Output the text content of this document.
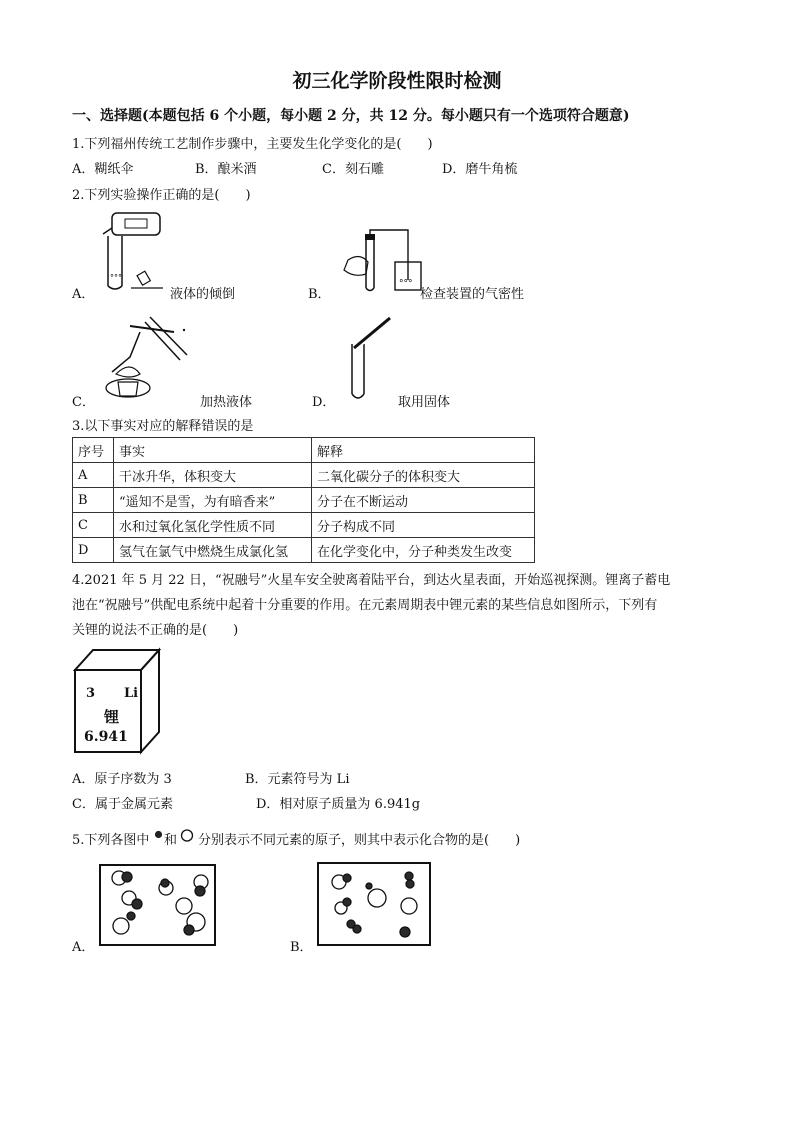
初三化学阶段性限时检测
一、选择题(本题包括 6 个小题，每小题 2 分，共 12 分。每小题只有一个选项符合题意)
1.下列福州传统工艺制作步骤中，主要发生化学变化的是(　　)
A．糊纸伞	B．酿米酒	C．刻石雕	D．磨牛角梳
2.下列实验操作正确的是(　　)
°°°
A．	液体的倾倒
°°°
B．	检查装置的气密性
C．	加热液体	D．	取用固体
3.以下事实对应的解释错误的是
序号	事实	解释
A	干冰升华，体积变大	二氧化碳分子的体积变大
B	“遥知不是雪，为有暗香来”	分子在不断运动
C	水和过氧化氢化学性质不同	分子构成不同
D	氢气在氯气中燃烧生成氯化氢	在化学变化中，分子种类发生改变
4.2021 年 5 月 22 日，“祝融号”火星车安全驶离着陆平台，到达火星表面，开始巡视探测。锂离子蓄电
池在“祝融号”供配电系统中起着十分重要的作用。在元素周期表中锂元素的某些信息如图所示，下列有
关锂的说法不正确的是(　　)
3 Li
锂
6.941
A．原子序数为 3	B．元素符号为 Li
C．属于金属元素	D．相对原子质量为 6.941g
5.下列各图中 和 分别表示不同元素的原子，则其中表示化合物的是(　　)
A．	B．
